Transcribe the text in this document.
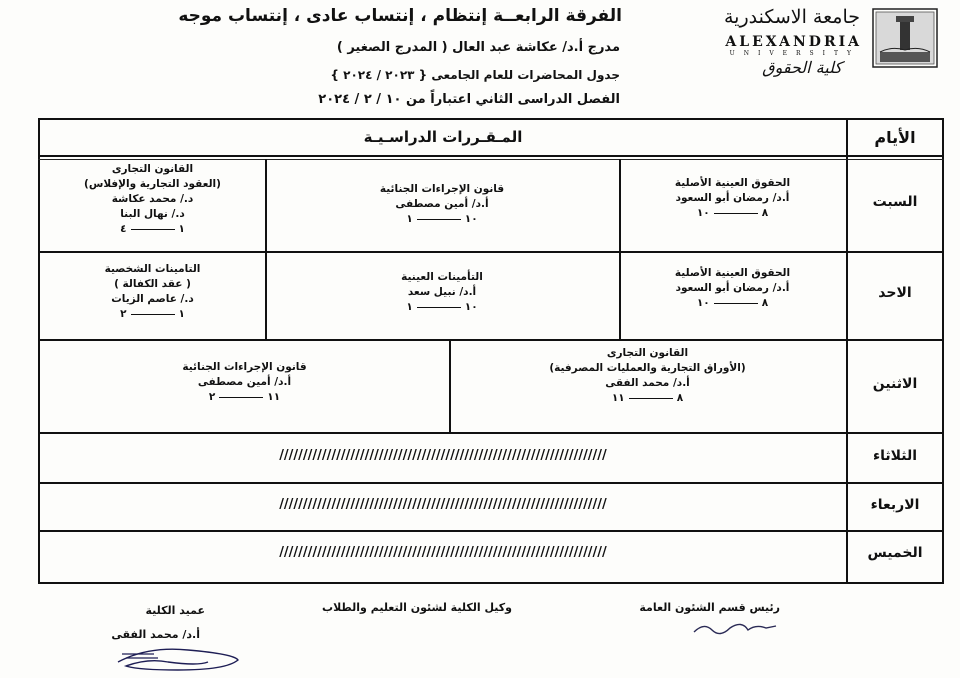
الفرقة الرابعــة إنتظام ، إنتساب عادى ، إنتساب موجه
مدرج أ.د/ عكاشة عبد العال ( المدرج الصغير )
جدول المحاضرات للعام الجامعى { ٢٠٢٣ / ٢٠٢٤ }
الفصل الدراسى الثاني اعتباراً من ١٠ / ٢ / ٢٠٢٤
جامعة الاسكندرية
ALEXANDRIA
UNIVERSITY
كلية الحقوق
الأيام
المـقـررات الدراسـيـة
السبت
الحقوق العينية الأصلية
أ.د/ رمضان أبو السعود
٨١٠
قانون الإجراءات الجنائية
أ.د/ أمين مصطفى
١٠١
القانون التجارى
(العقود التجارية والإفلاس)
د./ محمد عكاشة
د./ نهال البنا
١٤
الاحد
الحقوق العينية الأصلية
أ.د/ رمضان أبو السعود
٨١٠
التأمينات العينية
أ.د/ نبيل سعد
١٠١
التامينات الشخصية
( عقد الكفالة )
د./ عاصم الزيات
١٢
الاثنين
القانون التجارى
(الأوراق التجارية والعمليات المصرفية)
أ.د/ محمد الفقى
٨١١
قانون الإجراءات الجنائية
أ.د/ أمين مصطفى
١١٢
الثلاثاء
/////////////////////////////////////////////////////////////////////
الاربعاء
/////////////////////////////////////////////////////////////////////
الخميس
/////////////////////////////////////////////////////////////////////
رئيس قسم الشئون العامة
وكيل الكلية لشئون التعليم والطلاب
عميد الكلية
أ.د/ محمد الفقى
